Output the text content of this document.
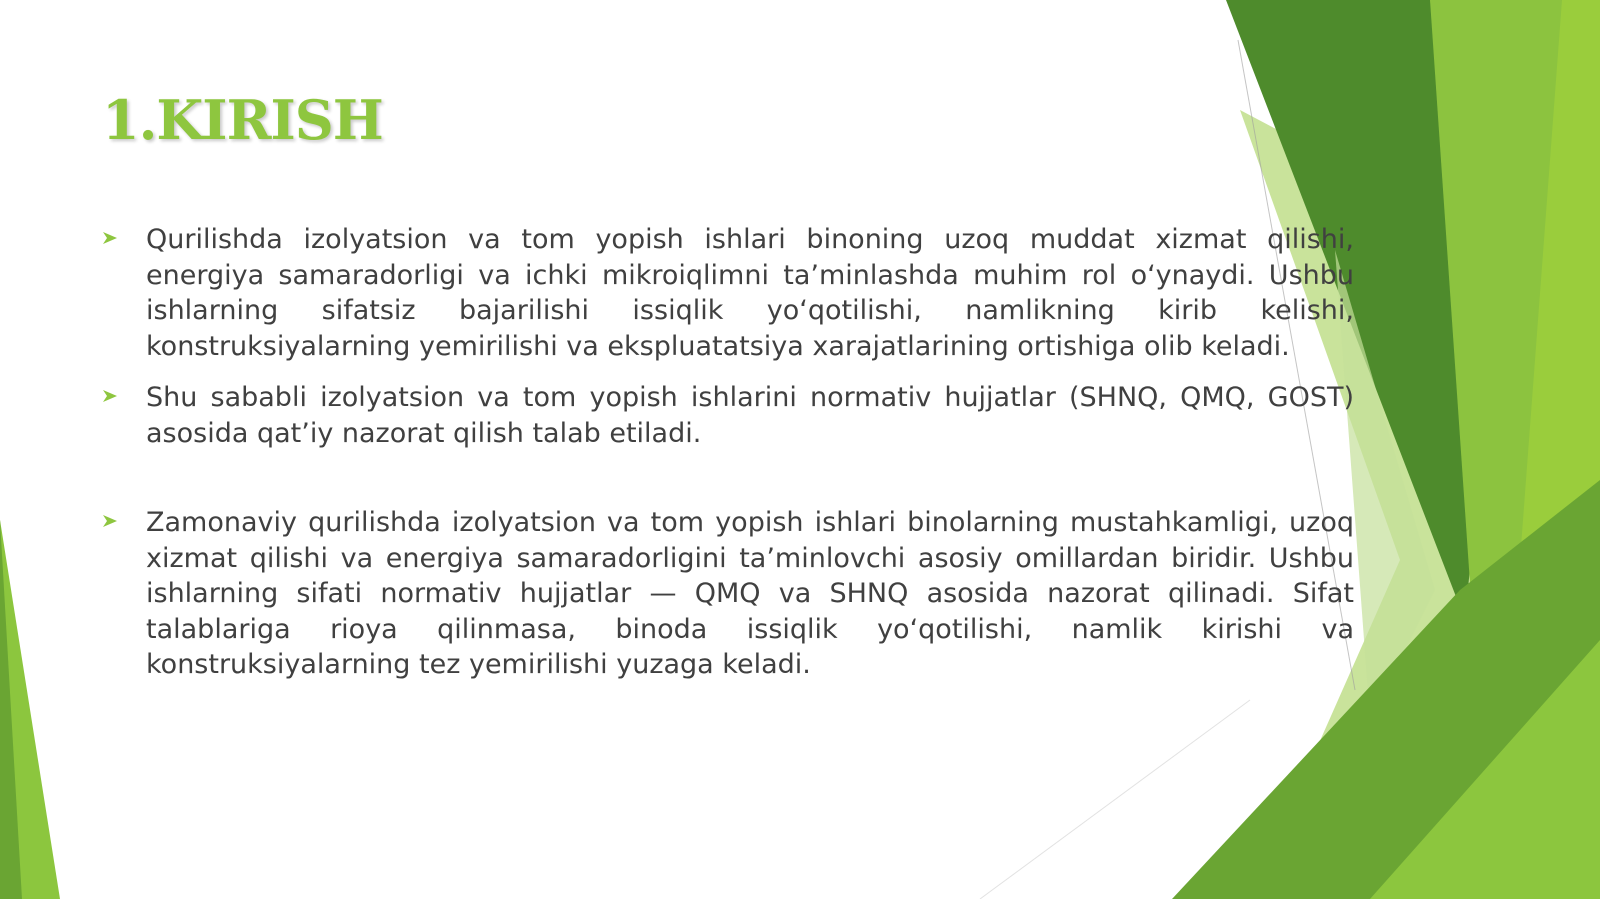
1.KIRISH
Qurilishda izolyatsion va tom yopish ishlari binoning uzoq muddat xizmat qilishi, energiya samaradorligi va ichki mikroiqlimni ta’minlashda muhim rol o‘ynaydi. Ushbu ishlarning sifatsiz bajarilishi issiqlik yo‘qotilishi, namlikning kirib kelishi, konstruksiyalarning yemirilishi va ekspluatatsiya xarajatlarining ortishiga olib keladi.
Shu sababli izolyatsion va tom yopish ishlarini normativ hujjatlar (SHNQ, QMQ, GOST) asosida qat’iy nazorat qilish talab etiladi.
Zamonaviy qurilishda izolyatsion va tom yopish ishlari binolarning mustahkamligi, uzoq xizmat qilishi va energiya samaradorligini ta’minlovchi asosiy omillardan biridir. Ushbu ishlarning sifati normativ hujjatlar — QMQ va SHNQ asosida nazorat qilinadi. Sifat talablariga rioya qilinmasa, binoda issiqlik yo‘qotilishi, namlik kirishi va konstruksiyalarning tez yemirilishi yuzaga keladi.
